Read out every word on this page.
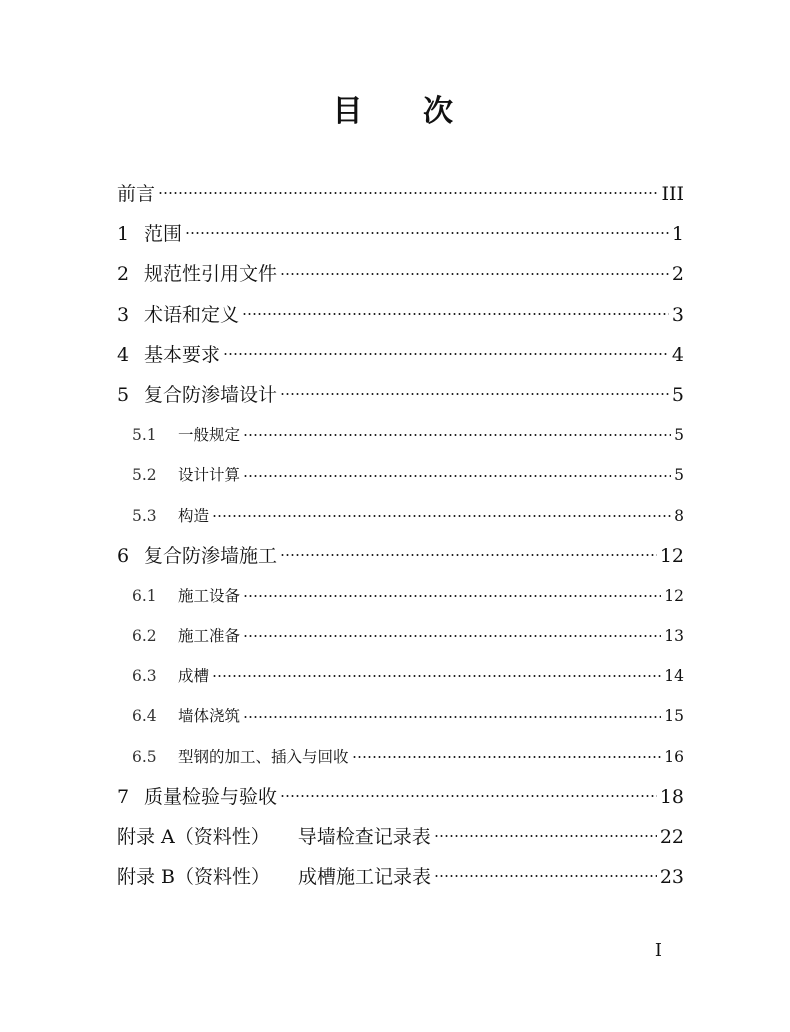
目 次
前言	III
1 范围	1
2 规范性引用文件	2
3 术语和定义	3
4 基本要求	4
5 复合防渗墙设计	5
5.1	一般规定	5
5.2	设计计算	5
5.3	构造	8
6 复合防渗墙施工	12
6.1	施工设备	12
6.2	施工准备	13
6.3	成槽	14
6.4	墙体浇筑	15
6.5	型钢的加工、插入与回收	16
7 质量检验与验收	18
附录 A（资料性） 导墙检查记录表	22
附录 B（资料性） 成槽施工记录表	23
I
